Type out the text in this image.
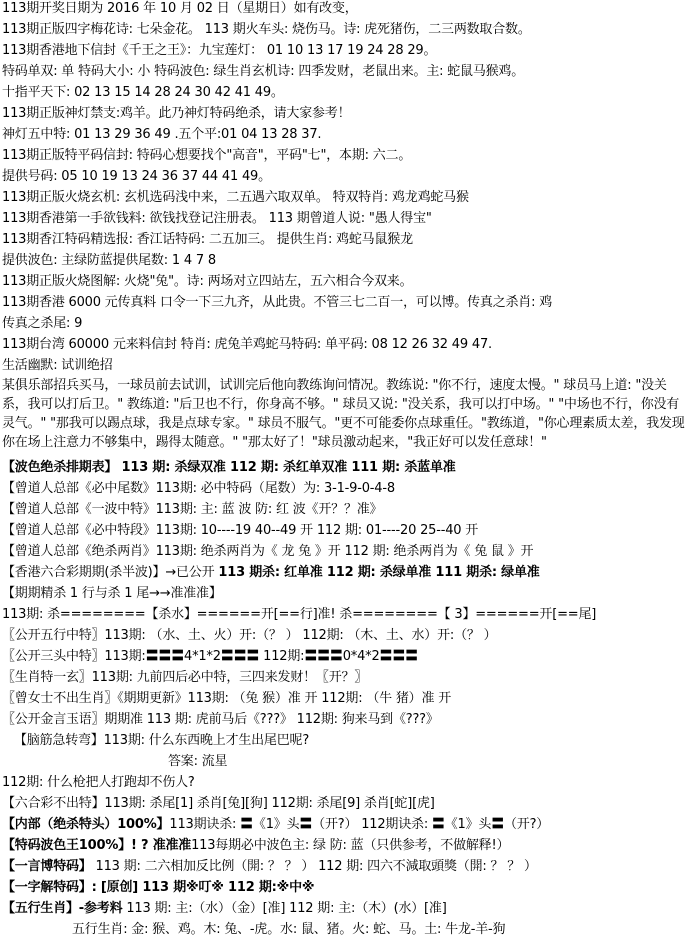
113期开奖日期为 2016 年 10 月 02 日（星期日）如有改变，
113期正版四字梅花诗: 七朵金花。 113 期火车头: 烧伤马。诗: 虎死猪伤，二三两数取合数。
113期香港地下信封《千王之王》：九宝莲灯： 01 10 13 17 19 24 28 29。
特码单双: 单 特码大小: 小 特码波色: 绿生肖玄机诗: 四季发财，老鼠出来。主: 蛇鼠马猴鸡。
十指平天下: 02 13 15 14 28 24 30 42 41 49。
113期正版神灯禁支:鸡羊。此乃神灯特码绝杀，请大家参考！
神灯五中特: 01 13 29 36 49 .五个平:01 04 13 28 37.
113期正版特平码信封: 特码心想要找个"高音"，平码"七"，本期: 六二。
提供号码: 05 10 19 13 24 36 37 44 41 49。
113期正版火烧玄机: 玄机选码浅中来，二五遇六取双单。 特双特肖: 鸡龙鸡蛇马猴
113期香港第一手欲钱料: 欲钱找登记注册表。 113 期曾道人说: "愚人得宝"
113期香江特码精选报: 香江话特码: 二五加三。 提供生肖: 鸡蛇马鼠猴龙
提供波色: 主绿防蓝提供尾数: 1 4 7 8
113期正版火烧图解: 火烧"兔"。诗: 两场对立四站左，五六相合今双来。
113期香港 6000 元传真料 口令一下三九齐，从此贵。不管三七二百一，可以博。传真之杀肖: 鸡
传真之杀尾: 9
113期台湾 60000 元来料信封 特肖: 虎兔羊鸡蛇马特码: 单平码: 08 12 26 32 49 47.
生活幽默: 试训绝招
某俱乐部招兵买马，一球员前去试训，试训完后他向教练询问情况。教练说: "你不行，速度太慢。" 球员马上道: "没关系，我可以打后卫。" 教练道: "后卫也不行，你身高不够。" 球员又说: "没关系，我可以打中场。" "中场也不行，你没有灵气。" "那我可以踢点球，我是点球专家。" 球员不服气。"更不可能委你点球重任。"教练道，"你心理素质太差，我发现你在场上注意力不够集中，踢得太随意。" "那太好了！"球员激动起来，"我正好可以发任意球！"
【波色绝杀排期表】 113 期: 杀绿双准 112 期: 杀红单双准 111 期: 杀蓝单准
【曾道人总部《必中尾数》113期: 必中特码（尾数）为: 3-1-9-0-4-8
【曾道人总部《一波中特》113期: 主: 蓝 波 防: 红 波《开？？准》
【曾道人总部《必中特段》113期: 10----19 40--49 开 112 期: 01----20 25--40 开
【曾道人总部《绝杀两肖》113期: 绝杀两肖为《 龙 兔 》开 112 期: 绝杀两肖为《 兔 鼠 》开
【香港六合彩期期(杀半波)】→已公开 113 期杀: 红单准 112 期: 杀绿单准 111 期杀: 绿单准
【期期精杀 1 行与杀 1 尾→→准准准】
113期: 杀========【杀水】======开[==行]准! 杀========【 3】======开[==尾]
〖公开五行中特〗113期: （水、土、火）开:（？ ） 112期: （木、土、水）开:（？ ）
〖公开三头中特〗113期:〓〓〓4*1*2〓〓〓 112期:〓〓〓0*4*2〓〓〓
〖生肖特一玄〗113期: 九前四后必中特，三四来发财！〖开？〗
〖曾女士不出生肖〗《期期更新》113期: （兔 猴）准 开 112期: （牛 猪）准 开
〖公开金言玉语〗期期准 113 期: 虎前马后《???》 112期: 狗来马到《???》
【脑筋急转弯】113期: 什么东西晚上才生出尾巴呢?
答案: 流星
112期: 什么枪把人打跑却不伤人?
【六合彩不出特】113期: 杀尾[1] 杀肖[兔][狗] 112期: 杀尾[9] 杀肖[蛇][虎]
【内部（绝杀特头）100%】113期诀杀: 〓《1》头〓（开?） 112期诀杀: 〓《1》头〓（开?）
【特码波色王100%】! ? 准准准113每期必中波色主: 绿 防: 蓝（只供参考，不做解释!）
【一言博特码】 113 期: 二六相加反比例（開: ？ ？ ） 112 期: 四六不減取頭獎（開: ？ ？ ）
【一字解特码】: [原创] 113 期※叮※ 112 期:※中※
【五行生肖】-参考料 113 期: 主:（水）（金）[准] 112 期: 主:（木）(水）[准]
五行生肖: 金: 猴、鸡。木: 兔、-虎。水: 鼠、猪。火: 蛇、马。土: 牛龙-羊-狗
